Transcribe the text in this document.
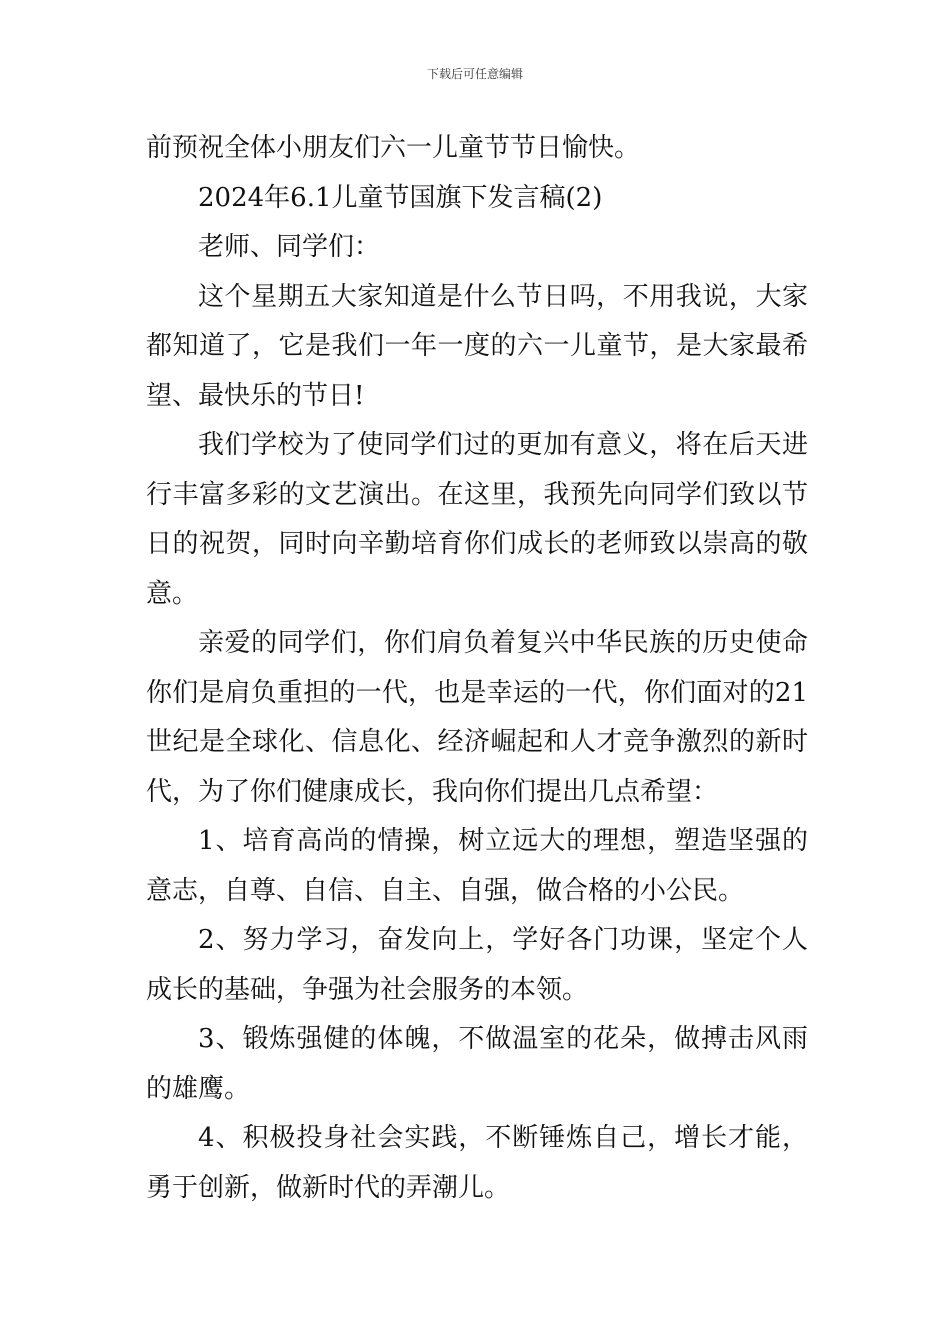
下载后可任意编辑

前预祝全体小朋友们六一儿童节节日愉快。

2024年6.1儿童节国旗下发言稿(2)

老师、同学们：

这个星期五大家知道是什么节日吗，不用我说，大家都知道了，它是我们一年一度的六一儿童节，是大家最希望、最快乐的节日!

我们学校为了使同学们过的更加有意义，将在后天进行丰富多彩的文艺演出。在这里，我预先向同学们致以节日的祝贺，同时向辛勤培育你们成长的老师致以崇高的敬意。

亲爱的同学们，你们肩负着复兴中华民族的历史使命你们是肩负重担的一代，也是幸运的一代，你们面对的21世纪是全球化、信息化、经济崛起和人才竞争激烈的新时代，为了你们健康成长，我向你们提出几点希望：

1、培育高尚的情操，树立远大的理想，塑造坚强的意志，自尊、自信、自主、自强，做合格的小公民。

2、努力学习，奋发向上，学好各门功课，坚定个人成长的基础，争强为社会服务的本领。

3、锻炼强健的体魄，不做温室的花朵，做搏击风雨的雄鹰。

4、积极投身社会实践，不断锤炼自己，增长才能，勇于创新，做新时代的弄潮儿。
